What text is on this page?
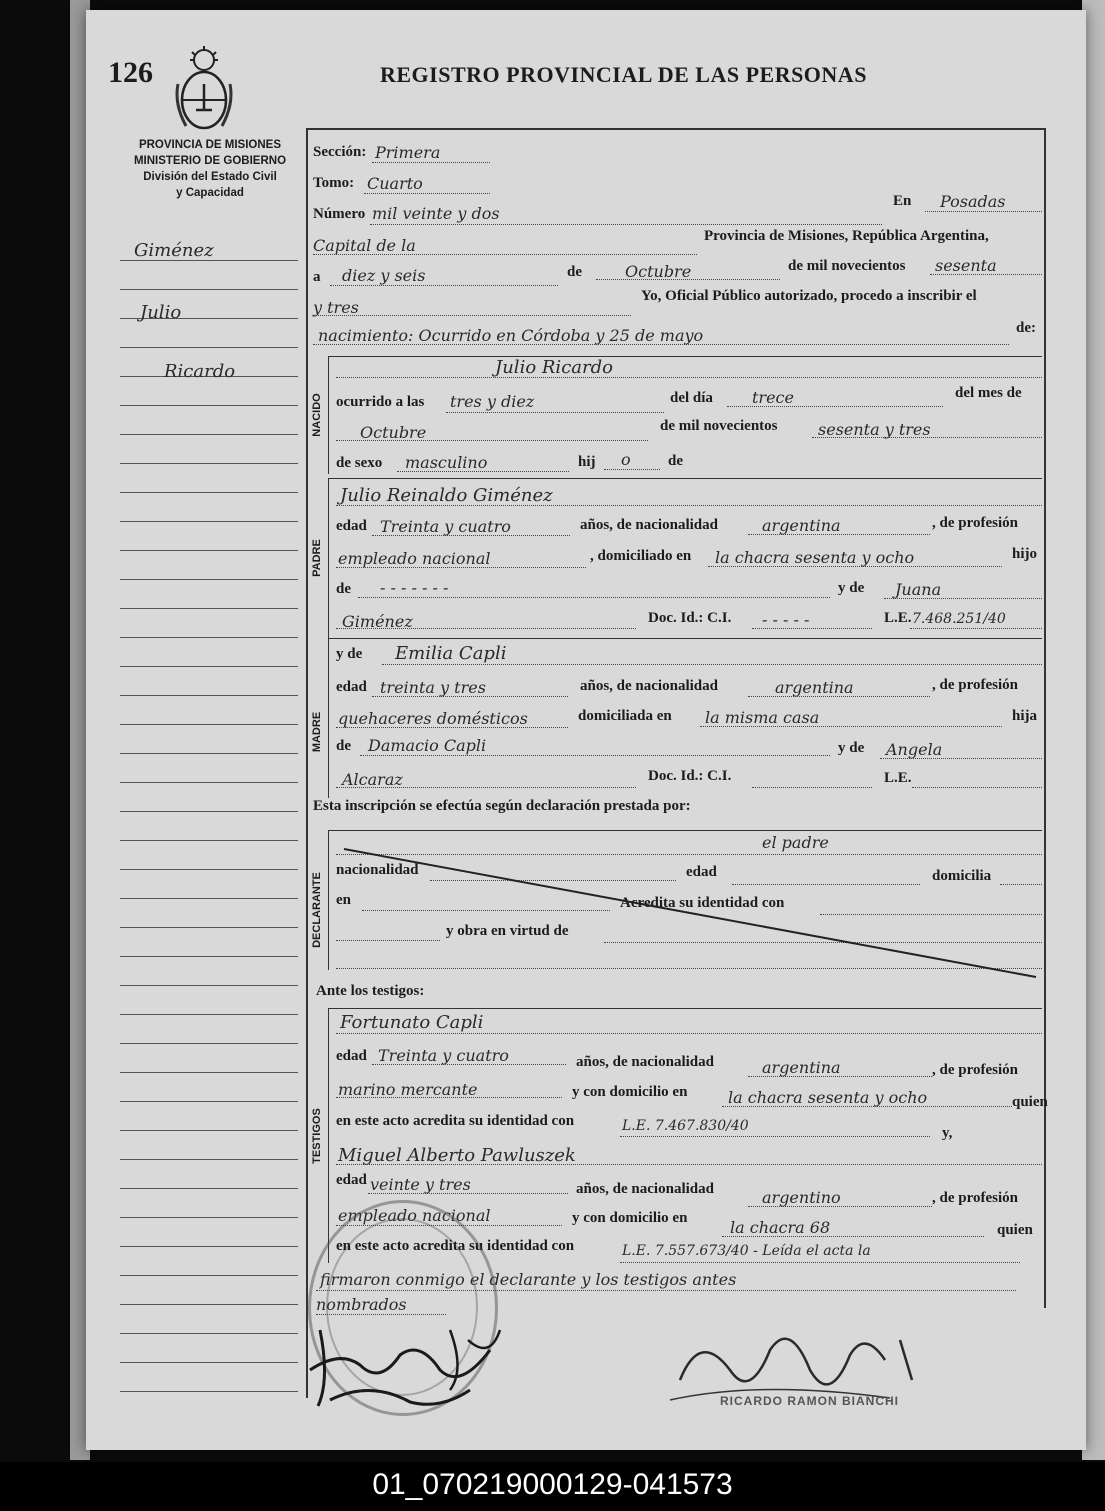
126	REGISTRO PROVINCIAL DE LAS PERSONAS
PROVINCIA DE MISIONES
MINISTERIO DE GOBIERNO
División del Estado Civil
y Capacidad
Giménez
Julio
Ricardo
Sección: Primera
Tomo: Cuarto
Número mil veinte y dos
En Posadas
Capital de la	Provincia de Misiones, República Argentina,
a diez y seis	de	Octubre	de mil novecientos sesenta
y tres
Yo, Oficial Público autorizado, procedo a inscribir el
nacimiento: Ocurrido en Córdoba y 25 de mayo	de:
NACIDO
Julio Ricardo
ocurrido a las tres y diez	del día trece	del mes de
Octubre	de mil novecientos	sesenta y tres
de sexo masculino	hij o de
PADRE
Julio Reinaldo Giménez
edad Treinta y cuatro	años, de nacionalidad	argentina	, de profesión
empleado nacional	, domiciliado en la chacra sesenta y ocho	hijo
de - - - - - - -	y de Juana
Giménez	Doc. Id.: C.I. - - - - -	L.E. 7.468.251/40
MADRE
y de Emilia Capli
edad treinta y tres	años, de nacionalidad	argentina	, de profesión
quehaceres domésticos	domiciliada en la misma casa	hija
de Damacio Capli	y de Angela
Alcaraz	Doc. Id.: C.I.	L.E.
Esta inscripción se efectúa según declaración prestada por:
DECLARANTE
el padre
nacionalidad	edad	domicilia
en	Acredita su identidad con
y obra en virtud de
Ante los testigos:
TESTIGOS
Fortunato Capli
edad Treinta y cuatro	años, de nacionalidad	argentina	, de profesión
marino mercante	y con domicilio en	la chacra sesenta y ocho	quien
en este acto acredita su identidad con	L.E. 7.467.830/40	y,
Miguel Alberto Pawluszek
edad veinte y tres	años, de nacionalidad	argentino	, de profesión
empleado nacional	y con domicilio en	la chacra 68	quien
en este acto acredita su identidad con	L.E. 7.557.673/40 - Leída el acta la
firmaron conmigo el declarante y los testigos antes
nombrados
RICARDO RAMON BIANCHI
01_070219000129-041573
